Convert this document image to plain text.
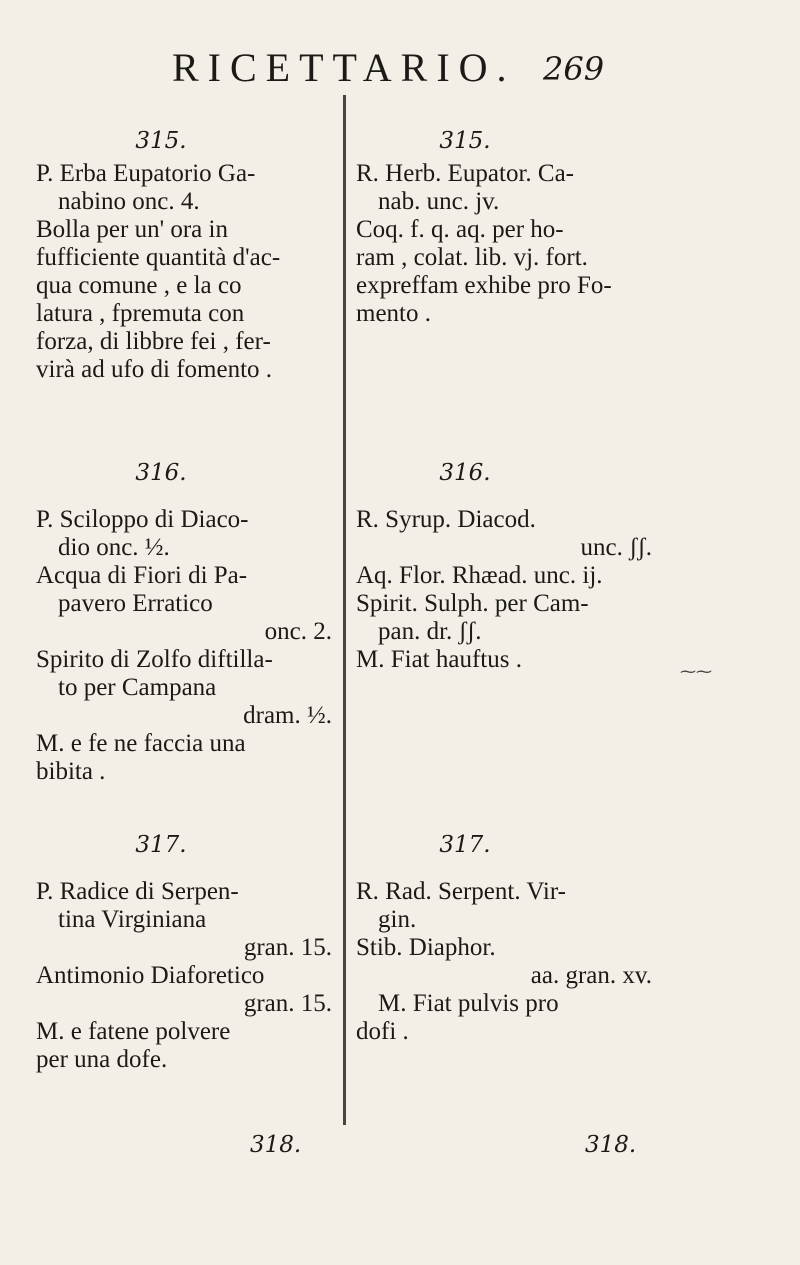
RICETTARIO. 269
315.
P. Erba Eupatorio Ga-
nabino onc. 4.
Bolla per un' ora in
fufficiente quantità d'ac-
qua comune , e la co
latura , fpremuta con
forza, di libbre fei , fer-
virà ad ufo di fomento .
316.
P. Sciloppo di Diaco-
dio onc. ½.
Acqua di Fiori di Pa-
pavero Erratico
onc. 2.
Spirito di Zolfo diftilla-
to per Campana
dram. ½.
M. e fe ne faccia una
bibita .
317.
P. Radice di Serpen-
tina Virginiana
gran. 15.
Antimonio Diaforetico
gran. 15.
M. e fatene polvere
per una dofe.
315.
R. Herb. Eupator. Ca-
nab. unc. jv.
Coq. f. q. aq. per ho-
ram , colat. lib. vj. fort.
expreffam exhibe pro Fo-
mento .
316.
R. Syrup. Diacod.
unc. ʃʃ.
Aq. Flor. Rhæad. unc. ij.
Spirit. Sulph. per Cam-
pan. dr. ʃʃ.
M. Fiat hauftus .
317.
R. Rad. Serpent. Vir-
gin.
Stib. Diaphor.
aa. gran. xv.
M. Fiat pulvis pro
dofi .
⁓⁓
318.	318.
